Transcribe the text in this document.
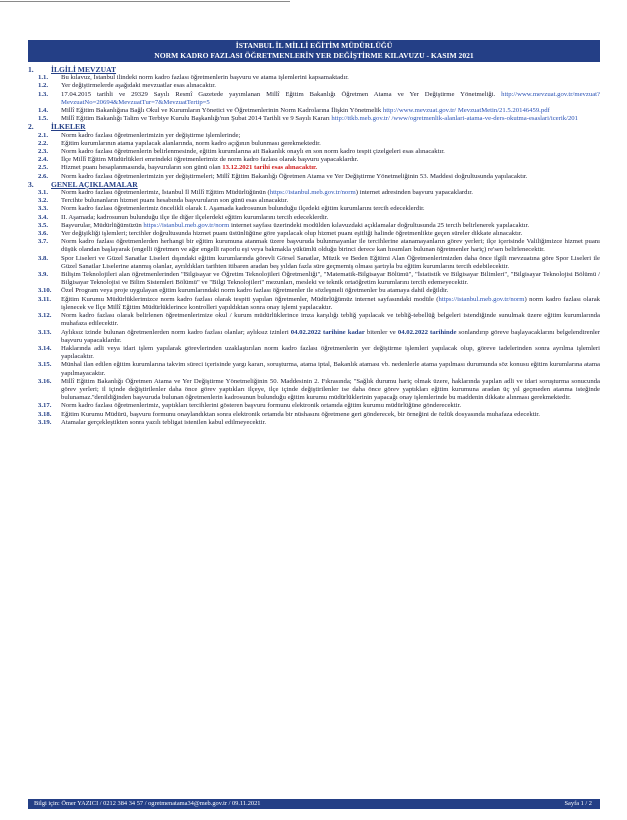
İSTANBUL İL MİLLİ EĞİTİM MÜDÜRLÜĞÜ
NORM KADRO FAZLASI ÖĞRETMENLERİN YER DEĞİŞTİRME KILAVUZU - KASIM 2021
1.	İLGİLİ MEVZUAT
1.1.	Bu kılavuz, İstanbul ilindeki norm kadro fazlası öğretmenlerin başvuru ve atama işlemlerini kapsamaktadır.
1.2.	Yer değiştirmelerde aşağıdaki mevzuatlar esas alınacaktır.
1.3.	17.04.2015 tarihli ve 29329 Sayılı Resmî Gazetede yayımlanan Millî Eğitim Bakanlığı Öğretmen Atama ve Yer Değiştirme Yönetmeliği. http://www.mevzuat.gov.tr/mevzuat?MevzuatNo=20694&MevzuatTur=7&MevzuatTertip=5
1.4.	Millî Eğitim Bakanlığına Bağlı Okul ve Kurumların Yönetici ve Öğretmenlerinin Norm Kadrolarına İlişkin Yönetmelik http://www.mevzuat.gov.tr/ MevzuatMetin/21.5.20146459.pdf
1.5.	Millî Eğitim Bakanlığı Talim ve Terbiye Kurulu Başkanlığı'nın Şubat 2014 Tarihli ve 9 Sayılı Kararı http://ttkb.meb.gov.tr/ /www/ogretmenlik-alanlari-atama-ve-ders-okutma-esaslari/icerik/201
2.	İLKELER
2.1.	Norm kadro fazlası öğretmenlerimizin yer değiştirme işlemlerinde;
2.2.	Eğitim kurumlarının atama yapılacak alanlarında, norm kadro açığının bulunması gerekmektedir.
2.3.	Norm kadro fazlası öğretmenlerin belirlenmesinde, eğitim kurumlarına ait Bakanlık onaylı en son norm kadro tespit çizelgeleri esas alınacaktır.
2.4.	İlçe Millî Eğitim Müdürlükleri emrindeki öğretmenlerimiz de norm kadro fazlası olarak başvuru yapacaklardır.
2.5.	Hizmet puanı hesaplanmasında, başvuruların son günü olan 13.12.2021 tarihi esas alınacaktır.
2.6.	Norm kadro fazlası öğretmenlerimizin yer değiştirmeleri; Millî Eğitim Bakanlığı Öğretmen Atama ve Yer Değiştirme Yönetmeliğinin 53. Maddesi doğrultusunda yapılacaktır.
3.	GENEL AÇIKLAMALAR
3.1.	Norm kadro fazlası öğretmenlerimiz, İstanbul İl Millî Eğitim Müdürlüğünün (https://istanbul.meb.gov.tr/norm) internet adresinden başvuru yapacaklardır.
3.2.	Tercihte bulunanların hizmet puanı hesabında başvuruların son günü esas alınacaktır.
3.3.	Norm kadro fazlası öğretmenlerimiz öncelikli olarak I. Aşamada kadrosunun bulunduğu ilçedeki eğitim kurumlarını tercih edeceklerdir.
3.4.	II. Aşamada; kadrosunun bulunduğu ilçe ile diğer ilçelerdeki eğitim kurumlarını tercih edeceklerdir.
3.5.	Başvurular, Müdürlüğümüzün https://istanbul.meb.gov.tr/norm internet sayfası üzerindeki modülden kılavuzdaki açıklamalar doğrultusunda 25 tercih belirlenerek yapılacaktır.
3.6.	Yer değişikliği işlemleri; tercihler doğrultusunda hizmet puanı üstünlüğüne göre yapılacak olup hizmet puanı eşitliği halinde öğretmenlikte geçen süreler dikkate alınacaktır.
3.7.	Norm kadro fazlası öğretmenlerden herhangi bir eğitim kurumuna atanmak üzere başvuruda bulunmayanlar ile tercihlerine atanamayanların görev yerleri; ilçe içerisinde Valiliğimizce hizmet puanı düşük olandan başlayarak (engelli öğretmen ve ağır engelli raporlu eşi veya bakmakla yükümlü olduğu birinci derece kan hısımları bulunan öğretmenler hariç) re'sen belirlenecektir.
3.8.	Spor Liseleri ve Güzel Sanatlar Liseleri dışındaki eğitim kurumlarında görevli Görsel Sanatlar, Müzik ve Beden Eğitimi Alan Öğretmenlerimizden daha önce ilgili mevzuatına göre Spor Liseleri ile Güzel Sanatlar Liselerine atanmış olanlar, ayrıldıkları tarihten itibaren aradan beş yıldan fazla süre geçmemiş olması şartıyla bu eğitim kurumlarını tercih edebilecektir.
3.9.	Bilişim Teknolojileri alan öğretmenlerinden "Bilgisayar ve Öğretim Teknolojileri Öğretmenliği", "Matematik-Bilgisayar Bölümü", "İstatistik ve Bilgisayar Bilimleri", "Bilgisayar Teknolojisi Bölümü / Bilgisayar Teknolojisi ve Bilim Sistemleri Bölümü" ve "Bilgi Teknolojileri" mezunları, mesleki ve teknik ortaöğretim kurumlarını tercih edemeyecektir.
3.10.	Özel Program veya proje uygulayan eğitim kurumlarındaki norm kadro fazlası öğretmenler ile sözleşmeli öğretmenler bu atamaya dahil değildir.
3.11.	Eğitim Kurumu Müdürlüklerimizce norm kadro fazlası olarak tespiti yapılan öğretmenler, Müdürlüğümüz internet sayfasındaki modüle (https://istanbul.meb.gov.tr/norm) norm kadro fazlası olarak işlenecek ve İlçe Millî Eğitim Müdürlüklerince kontrolleri yapıldıktan sonra onay işlemi yapılacaktır.
3.12.	Norm kadro fazlası olarak belirlenen öğretmenlerimize okul / kurum müdürlüklerince imza karşılığı tebliğ yapılacak ve tebliğ-tebellüğ belgeleri istendiğinde sunulmak üzere eğitim kurumlarında muhafaza edilecektir.
3.13.	Aylıksız izinde bulunan öğretmenlerden norm kadro fazlası olanlar; aylıksız izinleri 04.02.2022 tarihine kadar bitenler ve 04.02.2022 tarihinde sonlandırıp göreve başlayacaklarını belgelendirenler başvuru yapacaklardır.
3.14.	Haklarında adli veya idari işlem yapılarak görevlerinden uzaklaştırılan norm kadro fazlası öğretmenlerin yer değiştirme işlemleri yapılacak olup, göreve iadelerinden sonra ayrılma işlemleri yapılacaktır.
3.15.	Münhal ilan edilen eğitim kurumlarına takvim süreci içerisinde yargı kararı, soruşturma, atama iptal, Bakanlık ataması vb. nedenlerle atama yapılması durumunda söz konusu eğitim kurumlarına atama yapılmayacaktır.
3.16.	Millî Eğitim Bakanlığı Öğretmen Atama ve Yer Değiştirme Yönetmeliğinin 50. Maddesinin 2. Fıkrasında; ''Sağlık durumu hariç olmak üzere, haklarında yapılan adli ve idari soruşturma sonucunda görev yerleri; il içinde değiştirilenler daha önce görev yaptıkları ilçeye, ilçe içinde değiştirilenler ise daha önce görev yaptıkları eğitim kurumuna aradan üç yıl geçmeden atanma isteğinde bulunamaz.''denildiğinden başvuruda bulunan öğretmenlerin kadrosunun bulunduğu eğitim kurumu müdürlüklerinin yapacağı onay işlemlerinde bu maddenin dikkate alınması gerekmektedir.
3.17.	Norm kadro fazlası öğretmenlerimiz, yaptıkları tercihlerini gösteren başvuru formunu elektronik ortamda eğitim kurumu müdürlüğüne gönderecektir.
3.18.	Eğitim Kurumu Müdürü, başvuru formunu onaylandıktan sonra elektronik ortamda bir nüshasını öğretmene geri gönderecek, bir örneğini de özlük dosyasında muhafaza edecektir.
3.19.	Atamalar gerçekleştikten sonra yazılı tebligat istenilen kabul edilmeyecektir.
Bilgi için: Ömer YAZICI / 0212 384 34 57 / ogretmenatama34@meb.gov.tr / 09.11.2021	Sayfa 1 / 2
